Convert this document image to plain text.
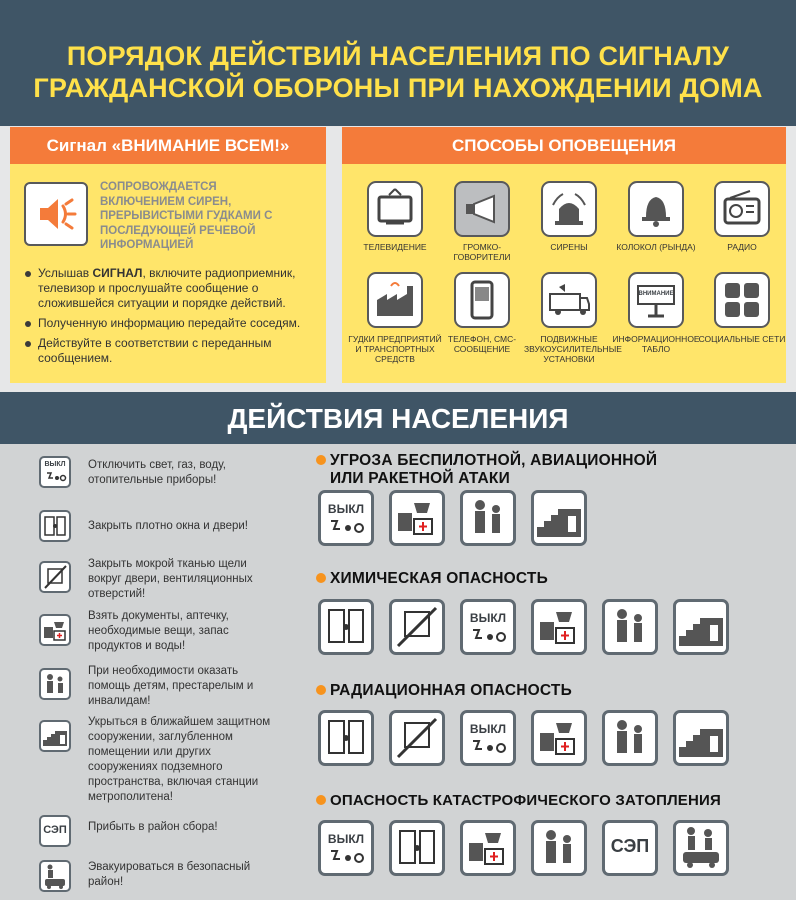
ПОРЯДОК ДЕЙСТВИЙ НАСЕЛЕНИЯ ПО СИГНАЛУ
ГРАЖДАНСКОЙ ОБОРОНЫ ПРИ НАХОЖДЕНИИ ДОМА
Сигнал «ВНИМАНИЕ ВСЕМ!»
СОПРОВОЖДАЕТСЯ ВКЛЮЧЕНИЕМ СИРЕН, ПРЕРЫВИСТЫМИ ГУДКАМИ С ПОСЛЕДУЮЩЕЙ РЕЧЕВОЙ ИНФОРМАЦИЕЙ
Услышав СИГНАЛ, включите радиоприемник, телевизор и прослушайте сообщение о сложившейся ситуации и порядке действий.
Полученную информацию передайте соседям.
Действуйте в соответствии с переданным сообщением.
СПОСОБЫ ОПОВЕЩЕНИЯ
ТЕЛЕВИДЕНИЕ	ГРОМКО-ГОВОРИТЕЛИ
СИРЕНЫ	КОЛОКОЛ (РЫНДА)	РАДИО
ГУДКИ ПРЕДПРИЯТИЙ И ТРАНСПОРТНЫХ СРЕДСТВ
ТЕЛЕФОН, СМС-СООБЩЕНИЕ
ПОДВИЖНЫЕ ЗВУКОУСИЛИТЕЛЬНЫЕ УСТАНОВКИ
ВНИМАНИЕ
ИНФОРМАЦИОННОЕ ТАБЛО
СОЦИАЛЬНЫЕ СЕТИ
ДЕЙСТВИЯ НАСЕЛЕНИЯ
ВЫКЛ	Отключить свет, газ, воду, отопительные приборы!
Закрыть плотно окна и двери!
Закрыть мокрой тканью щели вокруг двери, вентиляционных отверстий!
Взять документы, аптечку, необходимые вещи, запас продуктов и воды!
При необходимости оказать помощь детям, престарелым и инвалидам!
Укрыться в ближайшем защитном сооружении, заглубленном помещении или других сооружениях подземного пространства, включая станции метрополитена!
СЭП Прибыть в район сбора!
Эвакуироваться в безопасный район!
УГРОЗА БЕСПИЛОТНОЙ, АВИАЦИОННОЙ
ИЛИ РАКЕТНОЙ АТАКИ
ВЫКЛ
ХИМИЧЕСКАЯ ОПАСНОСТЬ
ВЫКЛ
РАДИАЦИОННАЯ ОПАСНОСТЬ
ВЫКЛ
ОПАСНОСТЬ КАТАСТРОФИЧЕСКОГО ЗАТОПЛЕНИЯ
ВЫКЛ	СЭП
